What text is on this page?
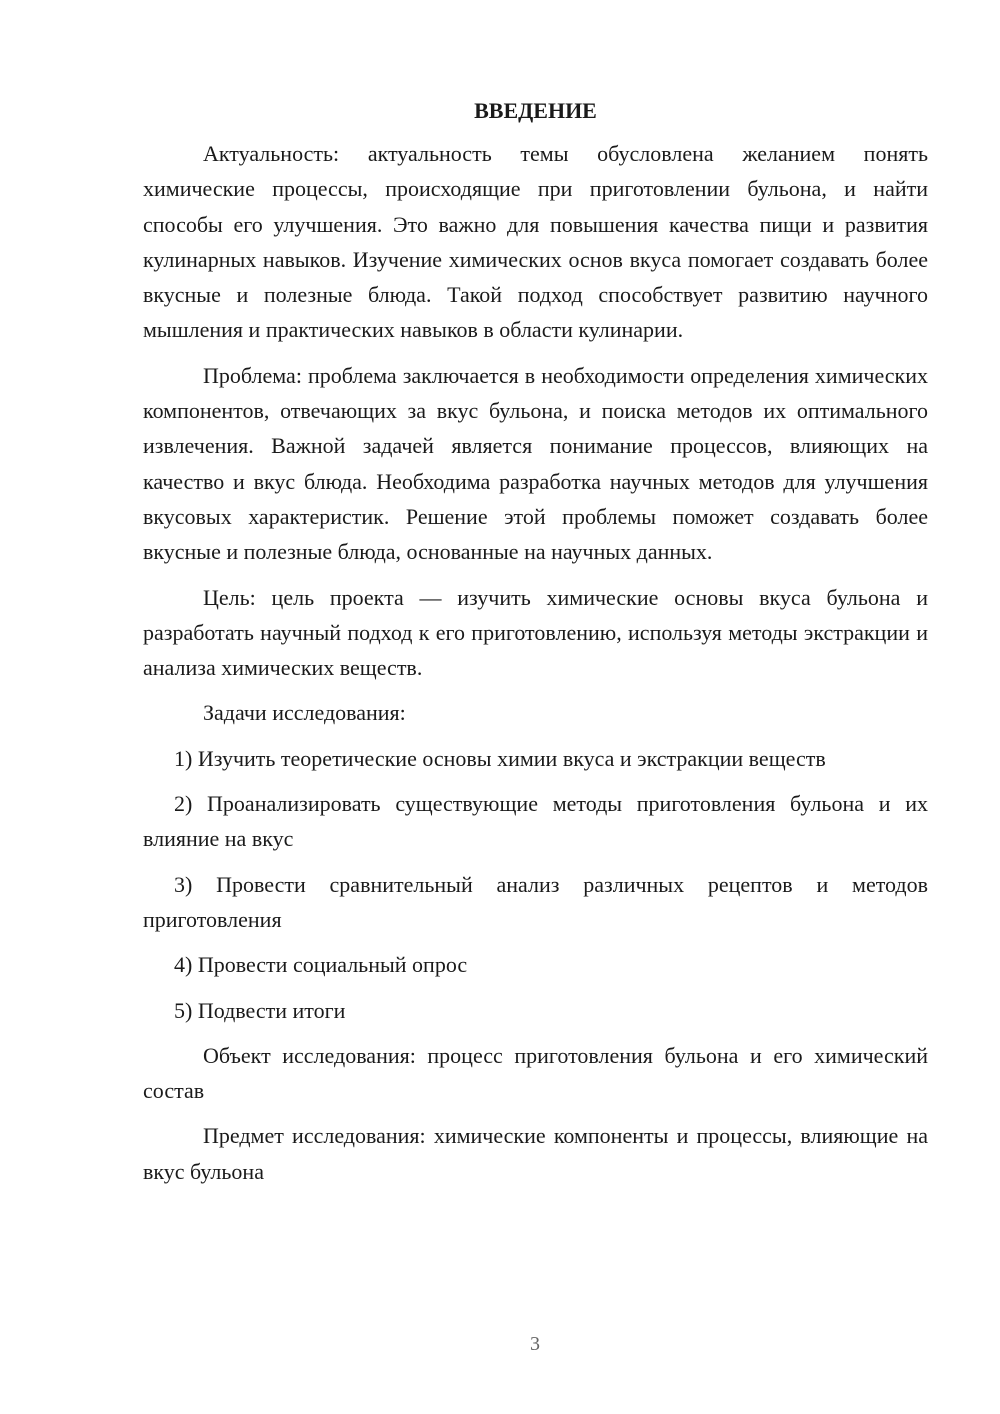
ВВЕДЕНИЕ
Актуальность: актуальность темы обусловлена желанием понять химические процессы, происходящие при приготовлении бульона, и найти способы его улучшения. Это важно для повышения качества пищи и развития кулинарных навыков. Изучение химических основ вкуса помогает создавать более вкусные и полезные блюда. Такой подход способствует развитию научного мышления и практических навыков в области кулинарии.
Проблема: проблема заключается в необходимости определения химических компонентов, отвечающих за вкус бульона, и поиска методов их оптимального извлечения. Важной задачей является понимание процессов, влияющих на качество и вкус блюда. Необходима разработка научных методов для улучшения вкусовых характеристик. Решение этой проблемы поможет создавать более вкусные и полезные блюда, основанные на научных данных.
Цель: цель проекта — изучить химические основы вкуса бульона и разработать научный подход к его приготовлению, используя методы экстракции и анализа химических веществ.
Задачи исследования:
1) Изучить теоретические основы химии вкуса и экстракции веществ
2) Проанализировать существующие методы приготовления бульона и их влияние на вкус
3) Провести сравнительный анализ различных рецептов и методов приготовления
4) Провести социальный опрос
5) Подвести итоги
Объект исследования: процесс приготовления бульона и его химический состав
Предмет исследования: химические компоненты и процессы, влияющие на вкус бульона
3
